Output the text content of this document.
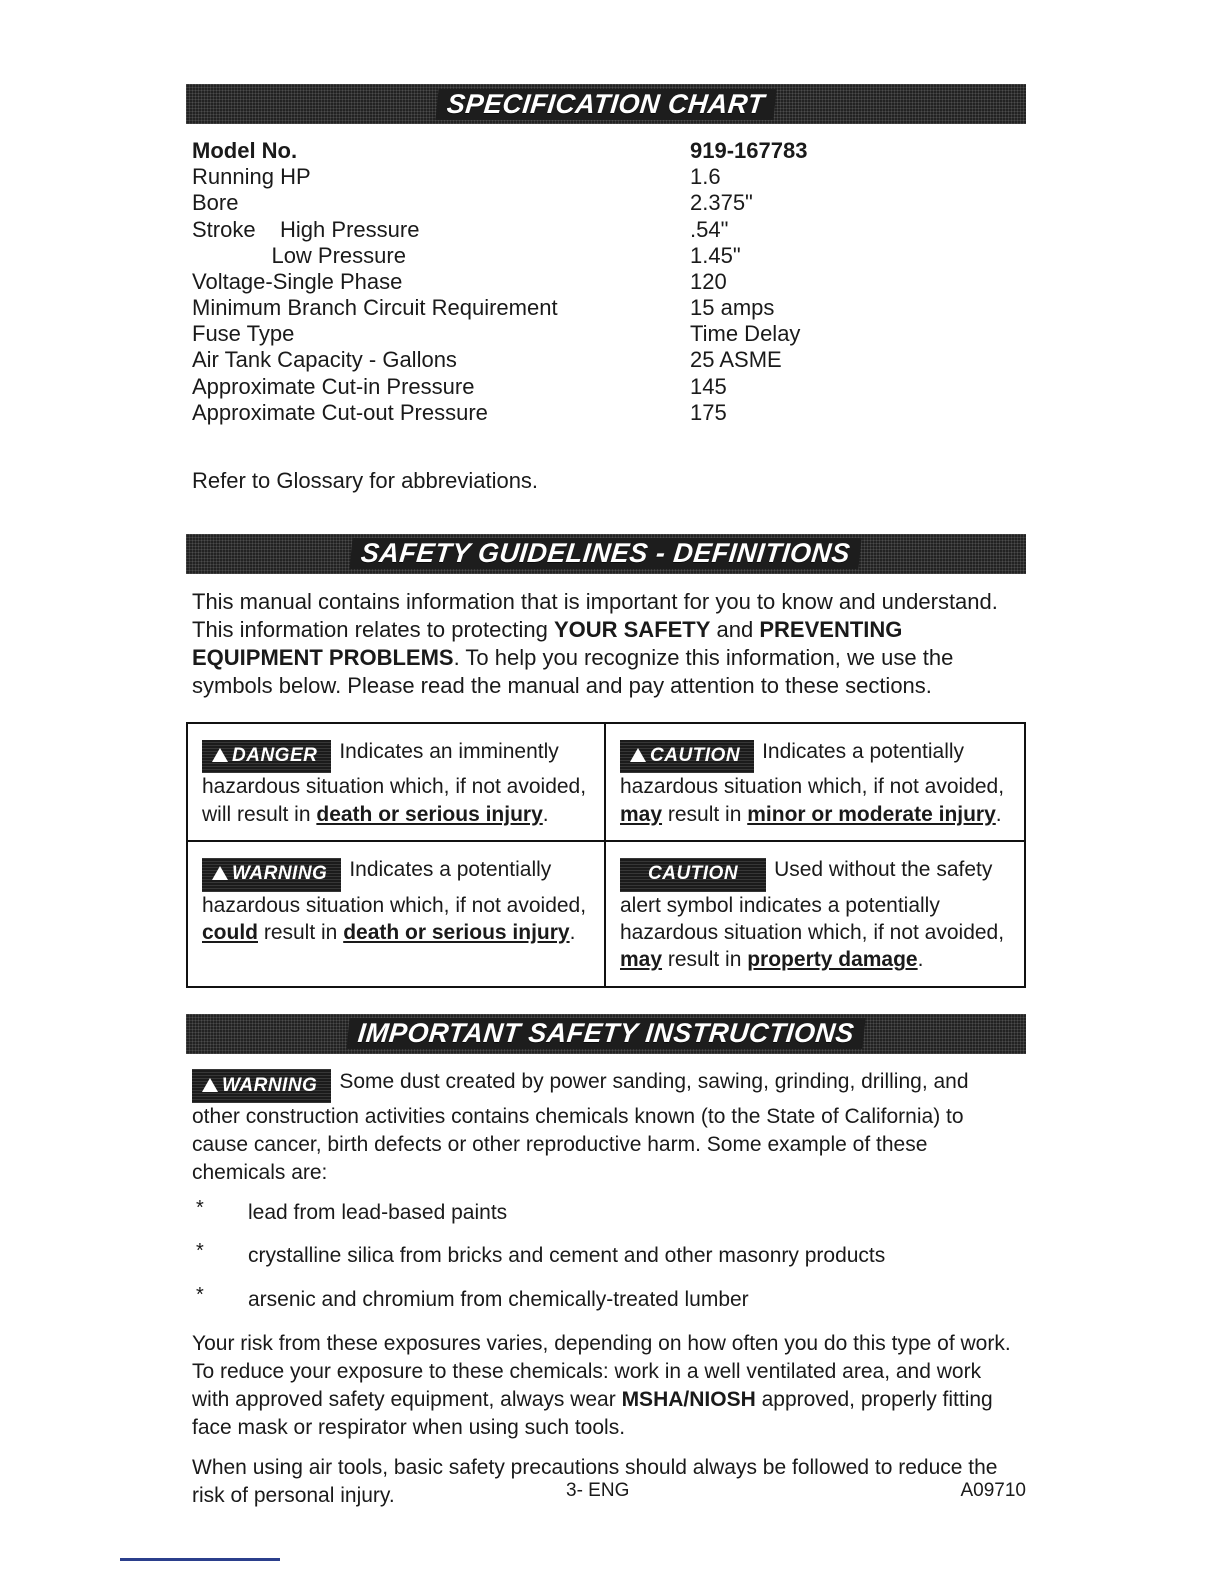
SPECIFICATION CHART
Model No.	919-167783
Running HP	1.6
Bore	2.375"
Stroke    High Pressure	.54"
Low Pressure	1.45"
Voltage-Single Phase	120
Minimum Branch Circuit Requirement	15 amps
Fuse Type	Time Delay
Air Tank Capacity - Gallons	25 ASME
Approximate Cut-in Pressure	145
Approximate Cut-out Pressure	175
Refer to Glossary for abbreviations.
SAFETY GUIDELINES - DEFINITIONS
This manual contains information that is important for you to know and understand. This information relates to protecting YOUR SAFETY and PREVENTING EQUIPMENT PROBLEMS. To help you recognize this information, we use the symbols below. Please read the manual and pay attention to these sections.
DANGER Indicates an imminently hazardous situation which, if not avoided, will result in death or serious injury.
CAUTION Indicates a potentially hazardous situation which, if not avoided, may result in minor or moderate injury.
WARNING Indicates a potentially hazardous situation which, if not avoided, could result in death or serious injury.
CAUTION Used without the safety alert symbol indicates a potentially hazardous situation which, if not avoided, may result in property damage.
IMPORTANT SAFETY INSTRUCTIONS

WARNING Some dust created by power sanding, sawing, grinding, drilling, and other construction activities contains chemicals known (to the State of California) to cause cancer, birth defects or other reproductive harm. Some example of these chemicals are:

* lead from lead-based paints
* crystalline silica from bricks and cement and other masonry products
* arsenic and chromium from chemically-treated lumber

Your risk from these exposures varies, depending on how often you do this type of work. To reduce your exposure to these chemicals: work in a well ventilated area, and work with approved safety equipment, always wear MSHA/NIOSH approved, properly fitting face mask or respirator when using such tools.

When using air tools, basic safety precautions should always be followed to reduce the risk of personal injury.	3- ENG	A09710
